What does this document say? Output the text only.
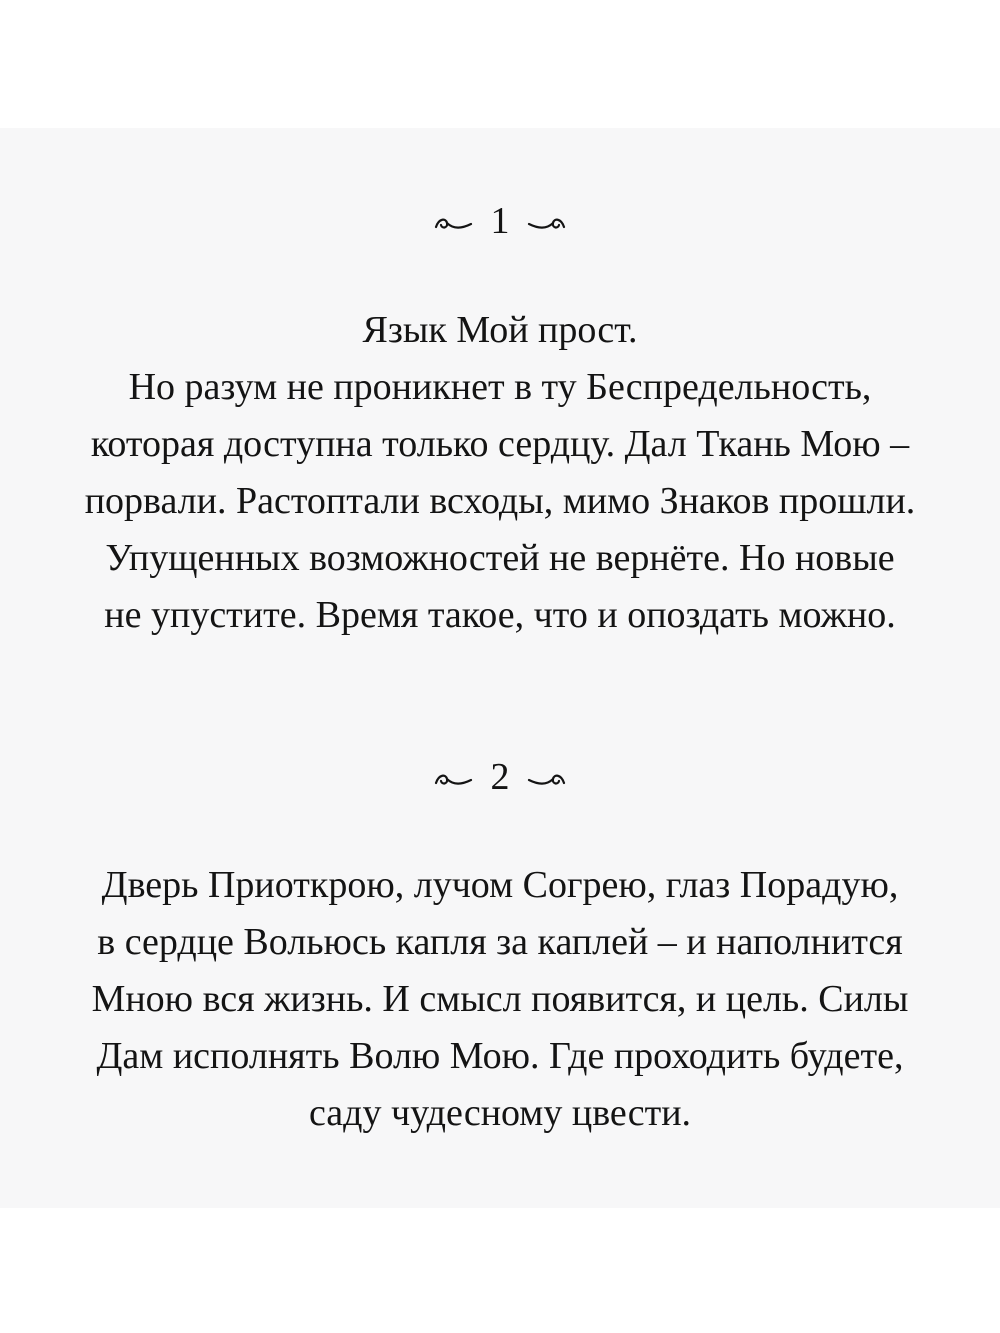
1
Язык Мой прост.
Но разум не проникнет в ту Беспредельность,
которая доступна только сердцу. Дал Ткань Мою –
порвали. Растоптали всходы, мимо Знаков прошли.
Упущенных возможностей не вернёте. Но новые
не упустите. Время такое, что и опоздать можно.
2
Дверь Приоткрою, лучом Согрею, глаз Порадую,
в сердце Вольюсь капля за каплей – и наполнится
Мною вся жизнь. И смысл появится, и цель. Силы
Дам исполнять Волю Мою. Где проходить будете,
саду чудесному цвести.
